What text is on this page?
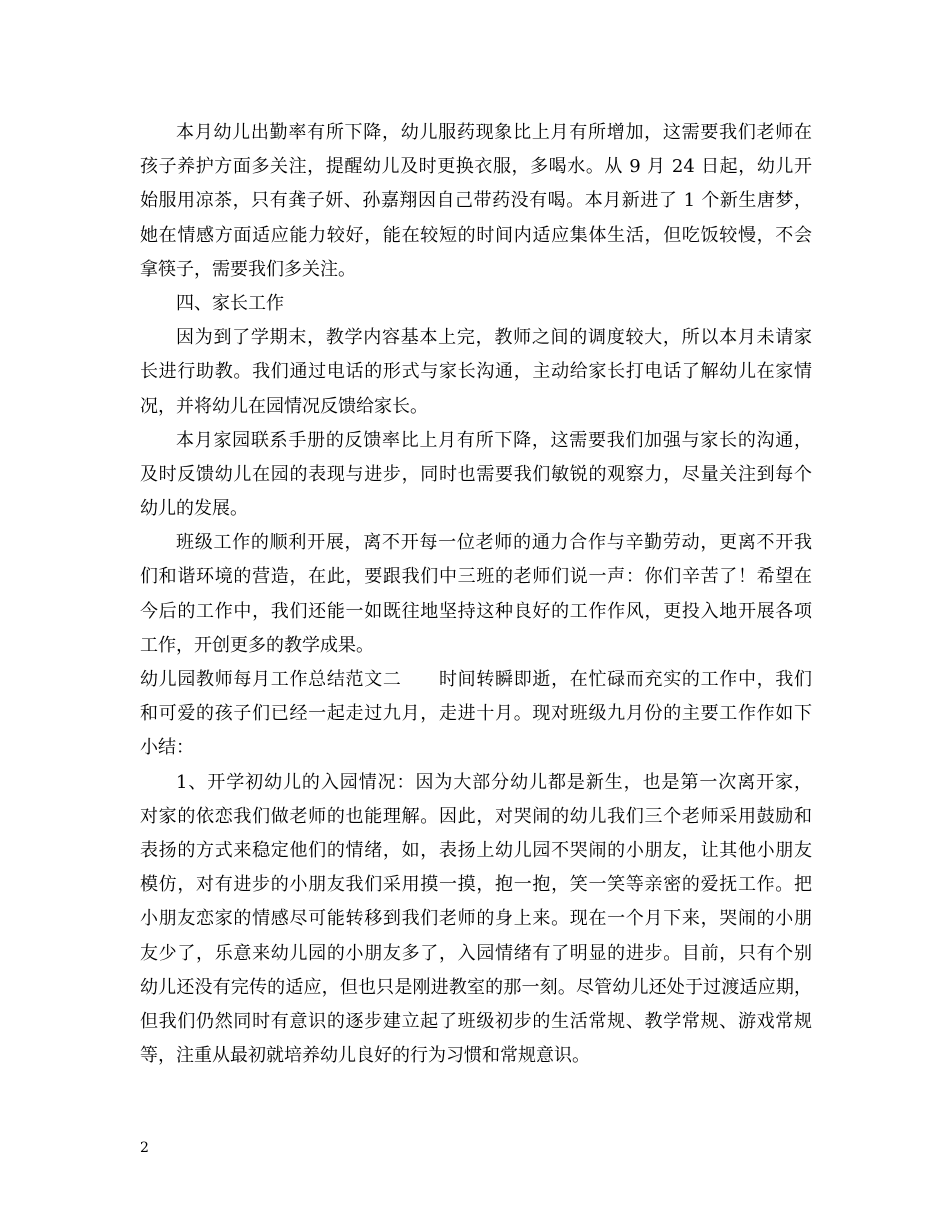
本月幼儿出勤率有所下降，幼儿服药现象比上月有所增加，这需要我们老师在
孩子养护方面多关注，提醒幼儿及时更换衣服，多喝水。从 9 月 24 日起，幼儿开
始服用凉茶，只有龚子妍、孙嘉翔因自己带药没有喝。本月新进了 1 个新生唐梦，
她在情感方面适应能力较好，能在较短的时间内适应集体生活，但吃饭较慢，不会
拿筷子，需要我们多关注。
四、家长工作
因为到了学期末，教学内容基本上完，教师之间的调度较大，所以本月未请家
长进行助教。我们通过电话的形式与家长沟通，主动给家长打电话了解幼儿在家情
况，并将幼儿在园情况反馈给家长。
本月家园联系手册的反馈率比上月有所下降，这需要我们加强与家长的沟通，
及时反馈幼儿在园的表现与进步，同时也需要我们敏锐的观察力，尽量关注到每个
幼儿的发展。
班级工作的顺利开展，离不开每一位老师的通力合作与辛勤劳动，更离不开我
们和谐环境的营造，在此，要跟我们中三班的老师们说一声：你们辛苦了！希望在
今后的工作中，我们还能一如既往地坚持这种良好的工作作风，更投入地开展各项
工作，开创更多的教学成果。
幼儿园教师每月工作总结范文二　　时间转瞬即逝，在忙碌而充实的工作中，我们
和可爱的孩子们已经一起走过九月，走进十月。现对班级九月份的主要工作作如下
小结：
1、开学初幼儿的入园情况：因为大部分幼儿都是新生，也是第一次离开家，
对家的依恋我们做老师的也能理解。因此，对哭闹的幼儿我们三个老师采用鼓励和
表扬的方式来稳定他们的情绪，如，表扬上幼儿园不哭闹的小朋友，让其他小朋友
模仿，对有进步的小朋友我们采用摸一摸，抱一抱，笑一笑等亲密的爱抚工作。把
小朋友恋家的情感尽可能转移到我们老师的身上来。现在一个月下来，哭闹的小朋
友少了，乐意来幼儿园的小朋友多了，入园情绪有了明显的进步。目前，只有个别
幼儿还没有完传的适应，但也只是刚进教室的那一刻。尽管幼儿还处于过渡适应期，
但我们仍然同时有意识的逐步建立起了班级初步的生活常规、教学常规、游戏常规
等，注重从最初就培养幼儿良好的行为习惯和常规意识。
2
